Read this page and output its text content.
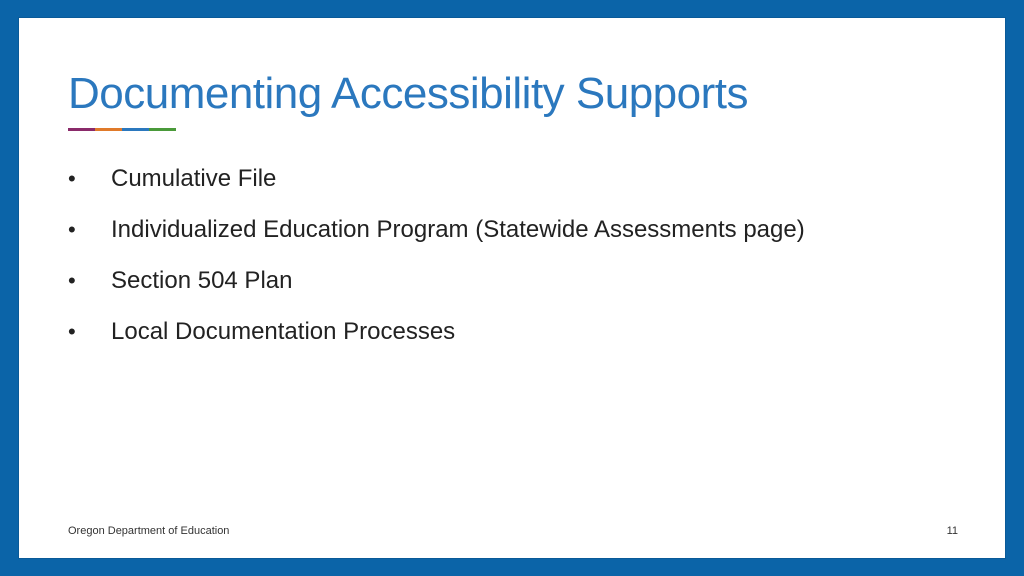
Documenting Accessibility Supports
•	Cumulative File
•	Individualized Education Program (Statewide Assessments page)
•	Section 504 Plan
•	Local Documentation Processes
Oregon Department of Education	11
